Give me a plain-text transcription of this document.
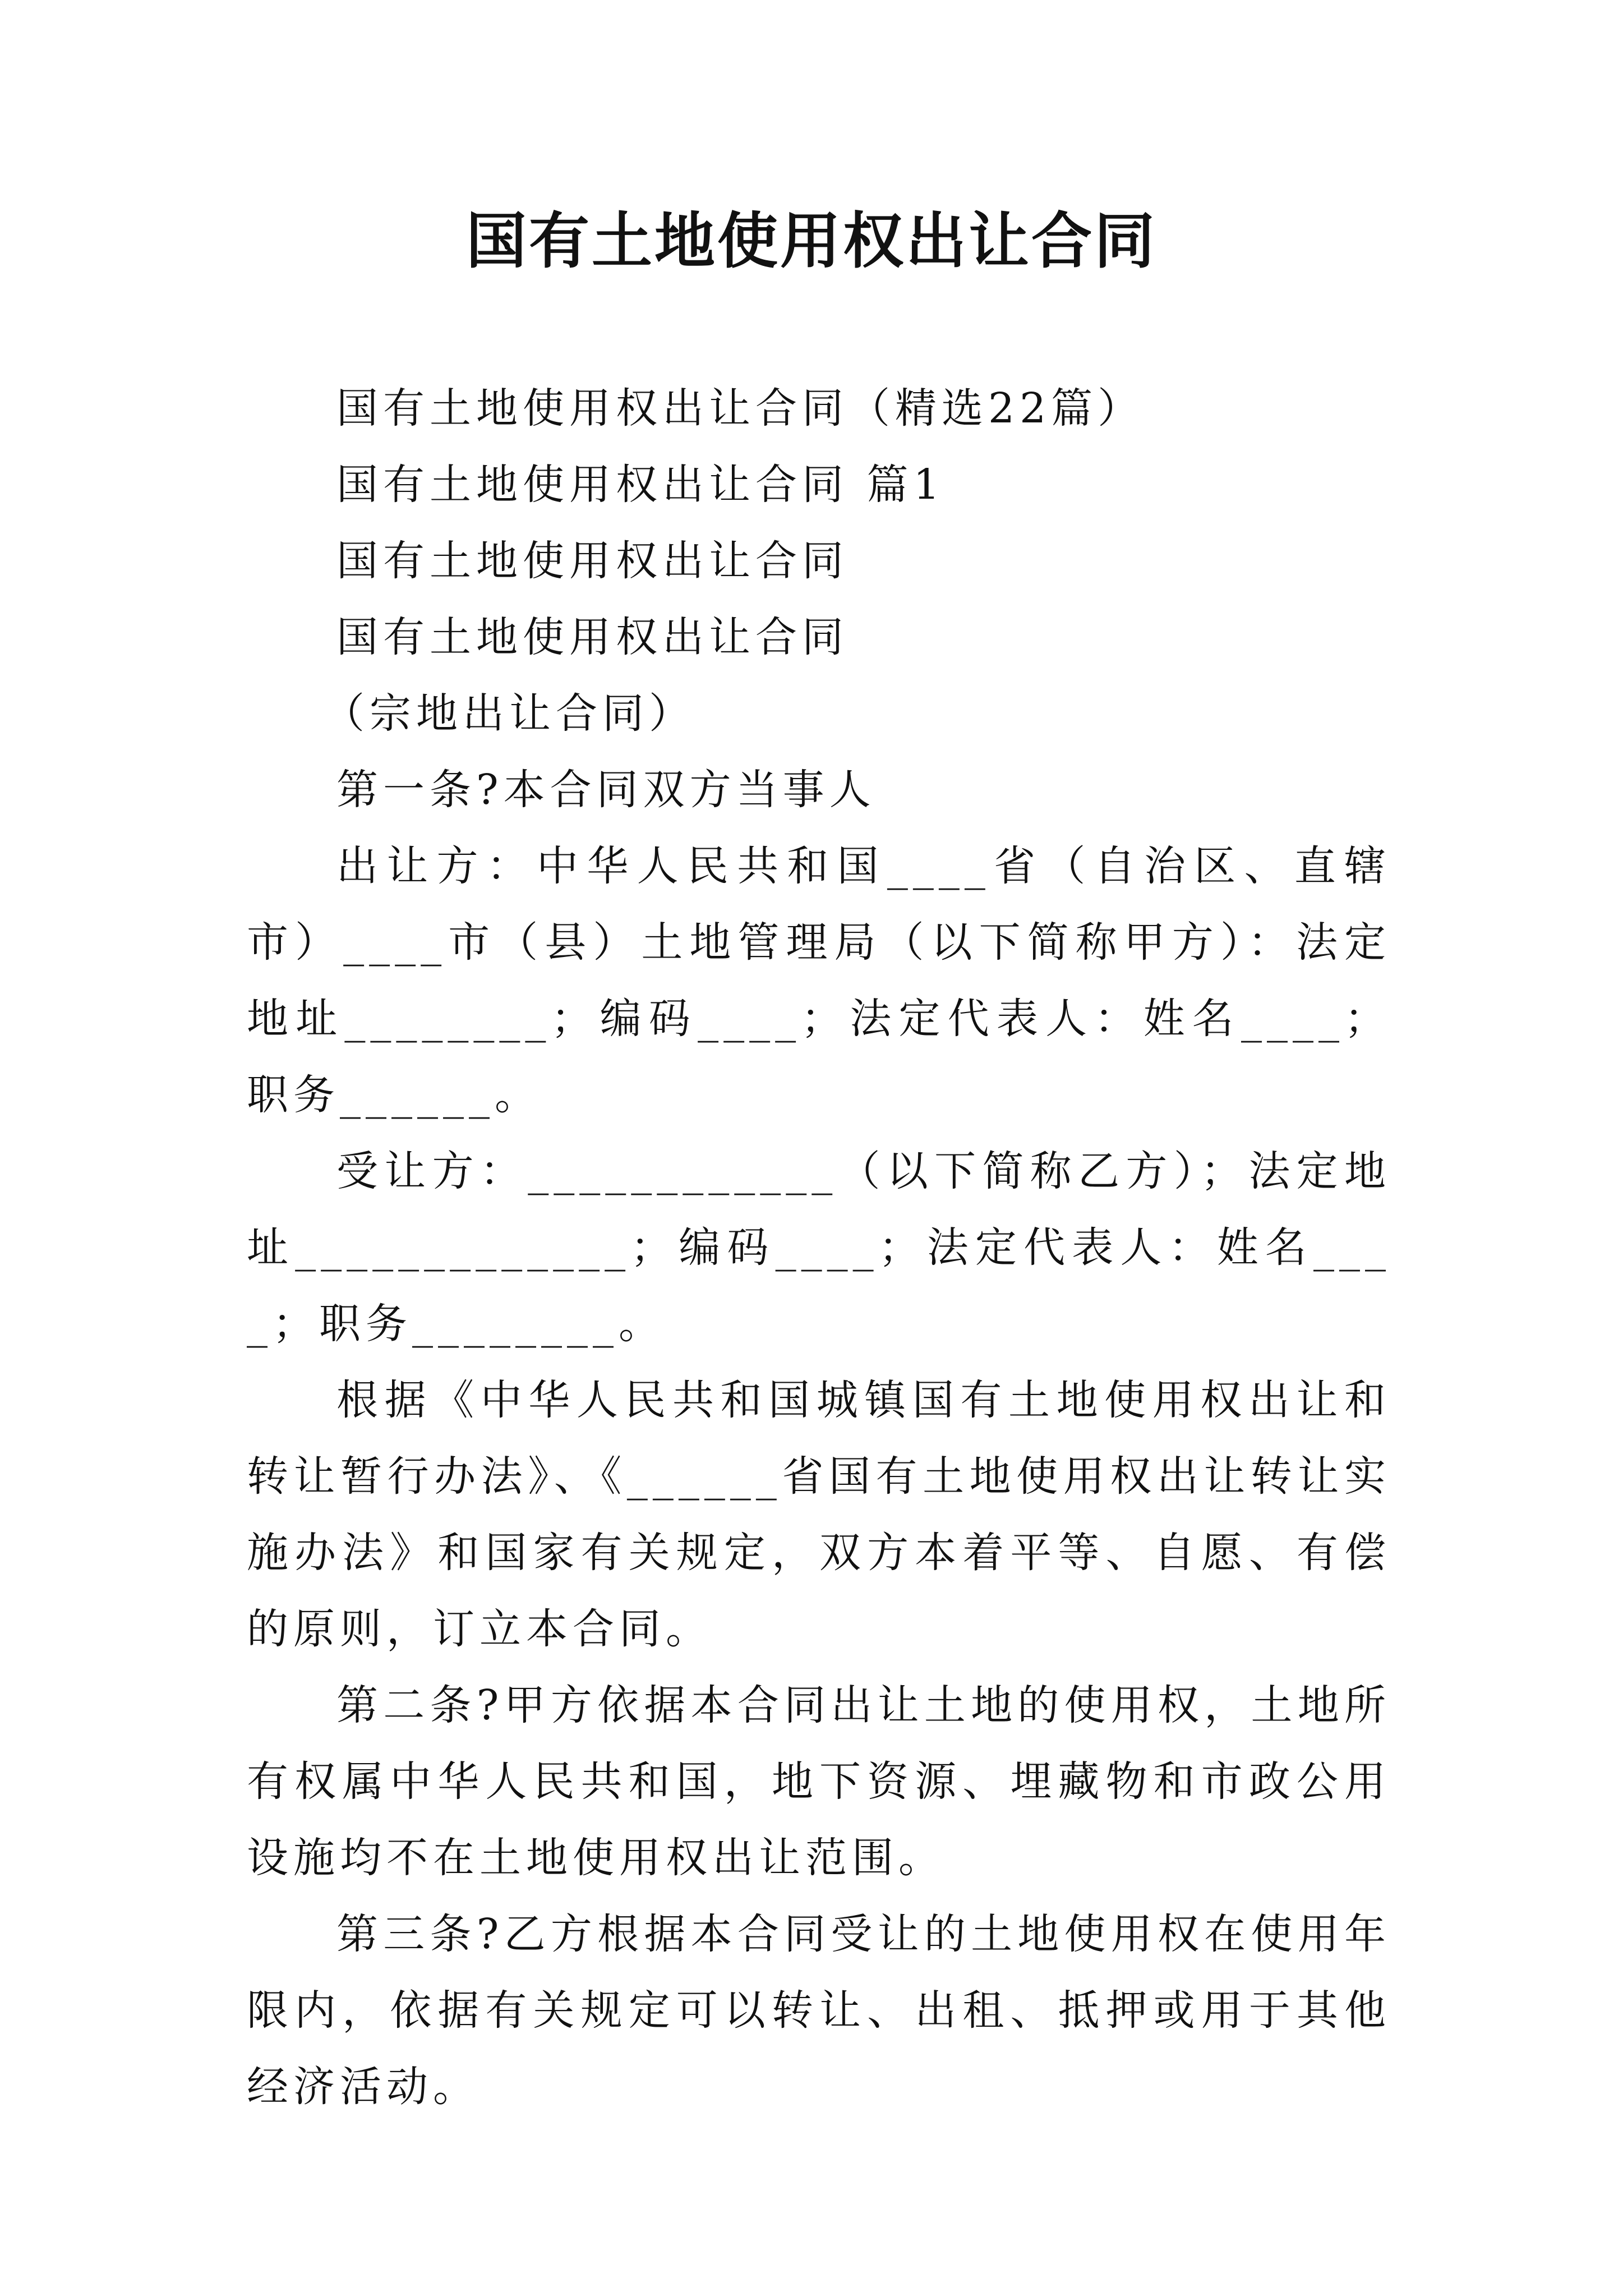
国有土地使用权出让合同

国有土地使用权出让合同（精选22篇）

国有土地使用权出让合同 篇1

国有土地使用权出让合同

国有土地使用权出让合同

（宗地出让合同）

第一条?本合同双方当事人

出让方：中华人民共和国____省（自治区、直辖市）____市（县）土地管理局（以下简称甲方）：法定地址________；编码____；法定代表人：姓名____；职务______。

受让方：____________（以下简称乙方）；法定地址_____________；编码____；法定代表人：姓名____；职务________。

根据《中华人民共和国城镇国有土地使用权出让和转让暂行办法》、《______省国有土地使用权出让转让实施办法》和国家有关规定，双方本着平等、自愿、有偿的原则，订立本合同。

第二条?甲方依据本合同出让土地的使用权，土地所有权属中华人民共和国，地下资源、埋藏物和市政公用设施均不在土地使用权出让范围。

第三条?乙方根据本合同受让的土地使用权在使用年限内，依据有关规定可以转让、出租、抵押或用于其他经济活动。
